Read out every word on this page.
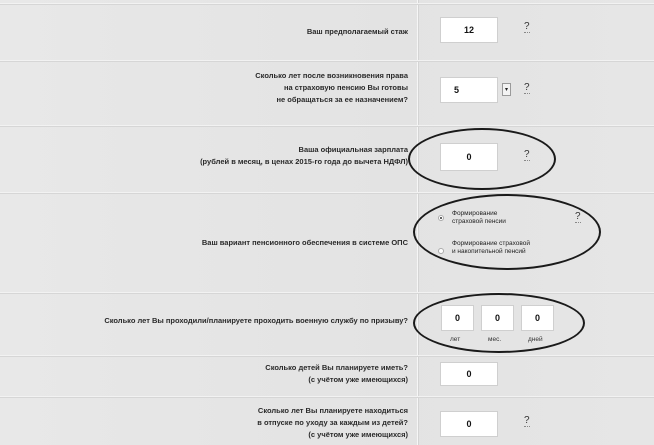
Ваш предполагаемый стаж	12	?
Сколько лет после возникновения права
на страховую пенсию Вы готовы
не обращаться за ее назначением?
5	▾	?
Ваша официальная зарплата
(рублей в месяц, в ценах 2015-го года до вычета НДФЛ)	0	?
Ваш вариант пенсионного обеспечения в системе ОПС
Формирование
страховой пенсии
Формирование страховой
и накопительной пенсий
?
Сколько лет Вы проходили/планируете проходить военную службу по призыву?	0	0	0
лет	мес.	дней
Сколько детей Вы планируете иметь?
(с учётом уже имеющихся)
0
Сколько лет Вы планируете находиться
в отпуске по уходу за каждым из детей?
(с учётом уже имеющихся)
0	?
